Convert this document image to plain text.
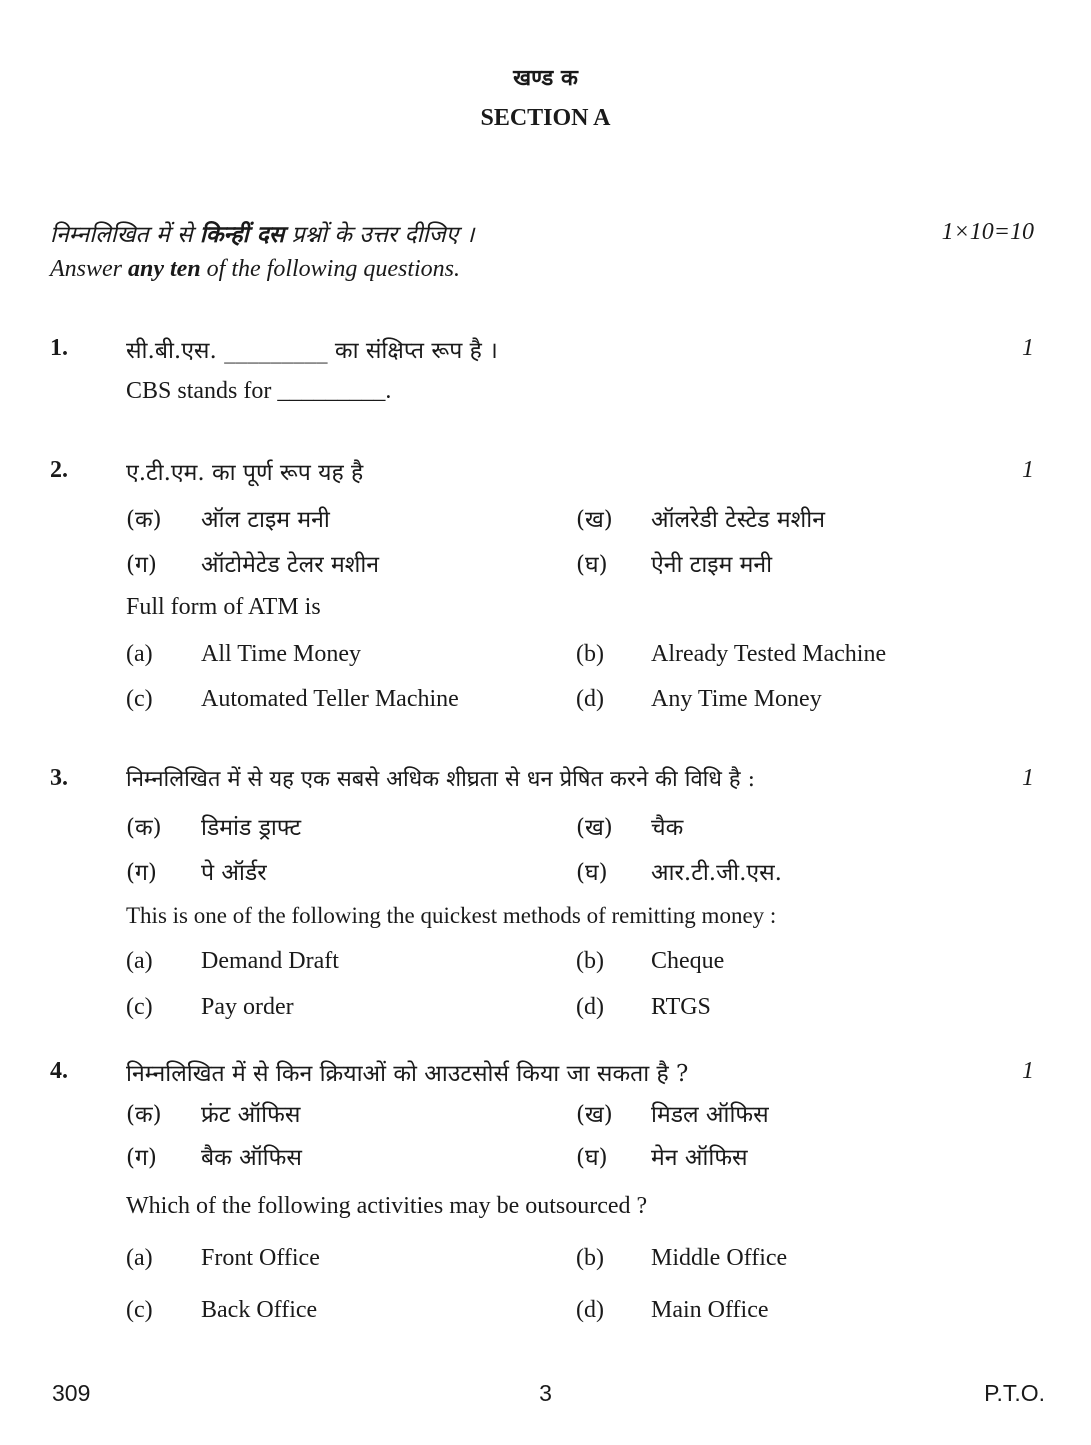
खण्ड क
SECTION A
निम्नलिखित में से किन्हीं दस प्रश्नों के उत्तर दीजिए ।	1×10=10
Answer any ten of the following questions.
1.	सी.बी.एस. _________ का संक्षिप्त रूप है ।	1
CBS stands for _________.
2.	ए.टी.एम. का पूर्ण रूप यह है	1
(क) ऑल टाइम मनी	(ख) ऑलरेडी टेस्टेड मशीन
(ग) ऑटोमेटेड टेलर मशीन	(घ) ऐनी टाइम मनी
Full form of ATM is
(a) All Time Money	(b) Already Tested Machine
(c) Automated Teller Machine	(d) Any Time Money
3.	निम्नलिखित में से यह एक सबसे अधिक शीघ्रता से धन प्रेषित करने की विधि है :	1
(क) डिमांड ड्राफ्ट	(ख) चैक
(ग) पे ऑर्डर	(घ) आर.टी.जी.एस.
This is one of the following the quickest methods of remitting money :
(a) Demand Draft	(b) Cheque
(c) Pay order	(d) RTGS
4.	निम्नलिखित में से किन क्रियाओं को आउटसोर्स किया जा सकता है ?	1
(क) फ्रंट ऑफिस	(ख) मिडल ऑफिस
(ग) बैक ऑफिस	(घ) मेन ऑफिस
Which of the following activities may be outsourced ?
(a) Front Office	(b) Middle Office
(c) Back Office	(d) Main Office
309	3	P.T.O.
